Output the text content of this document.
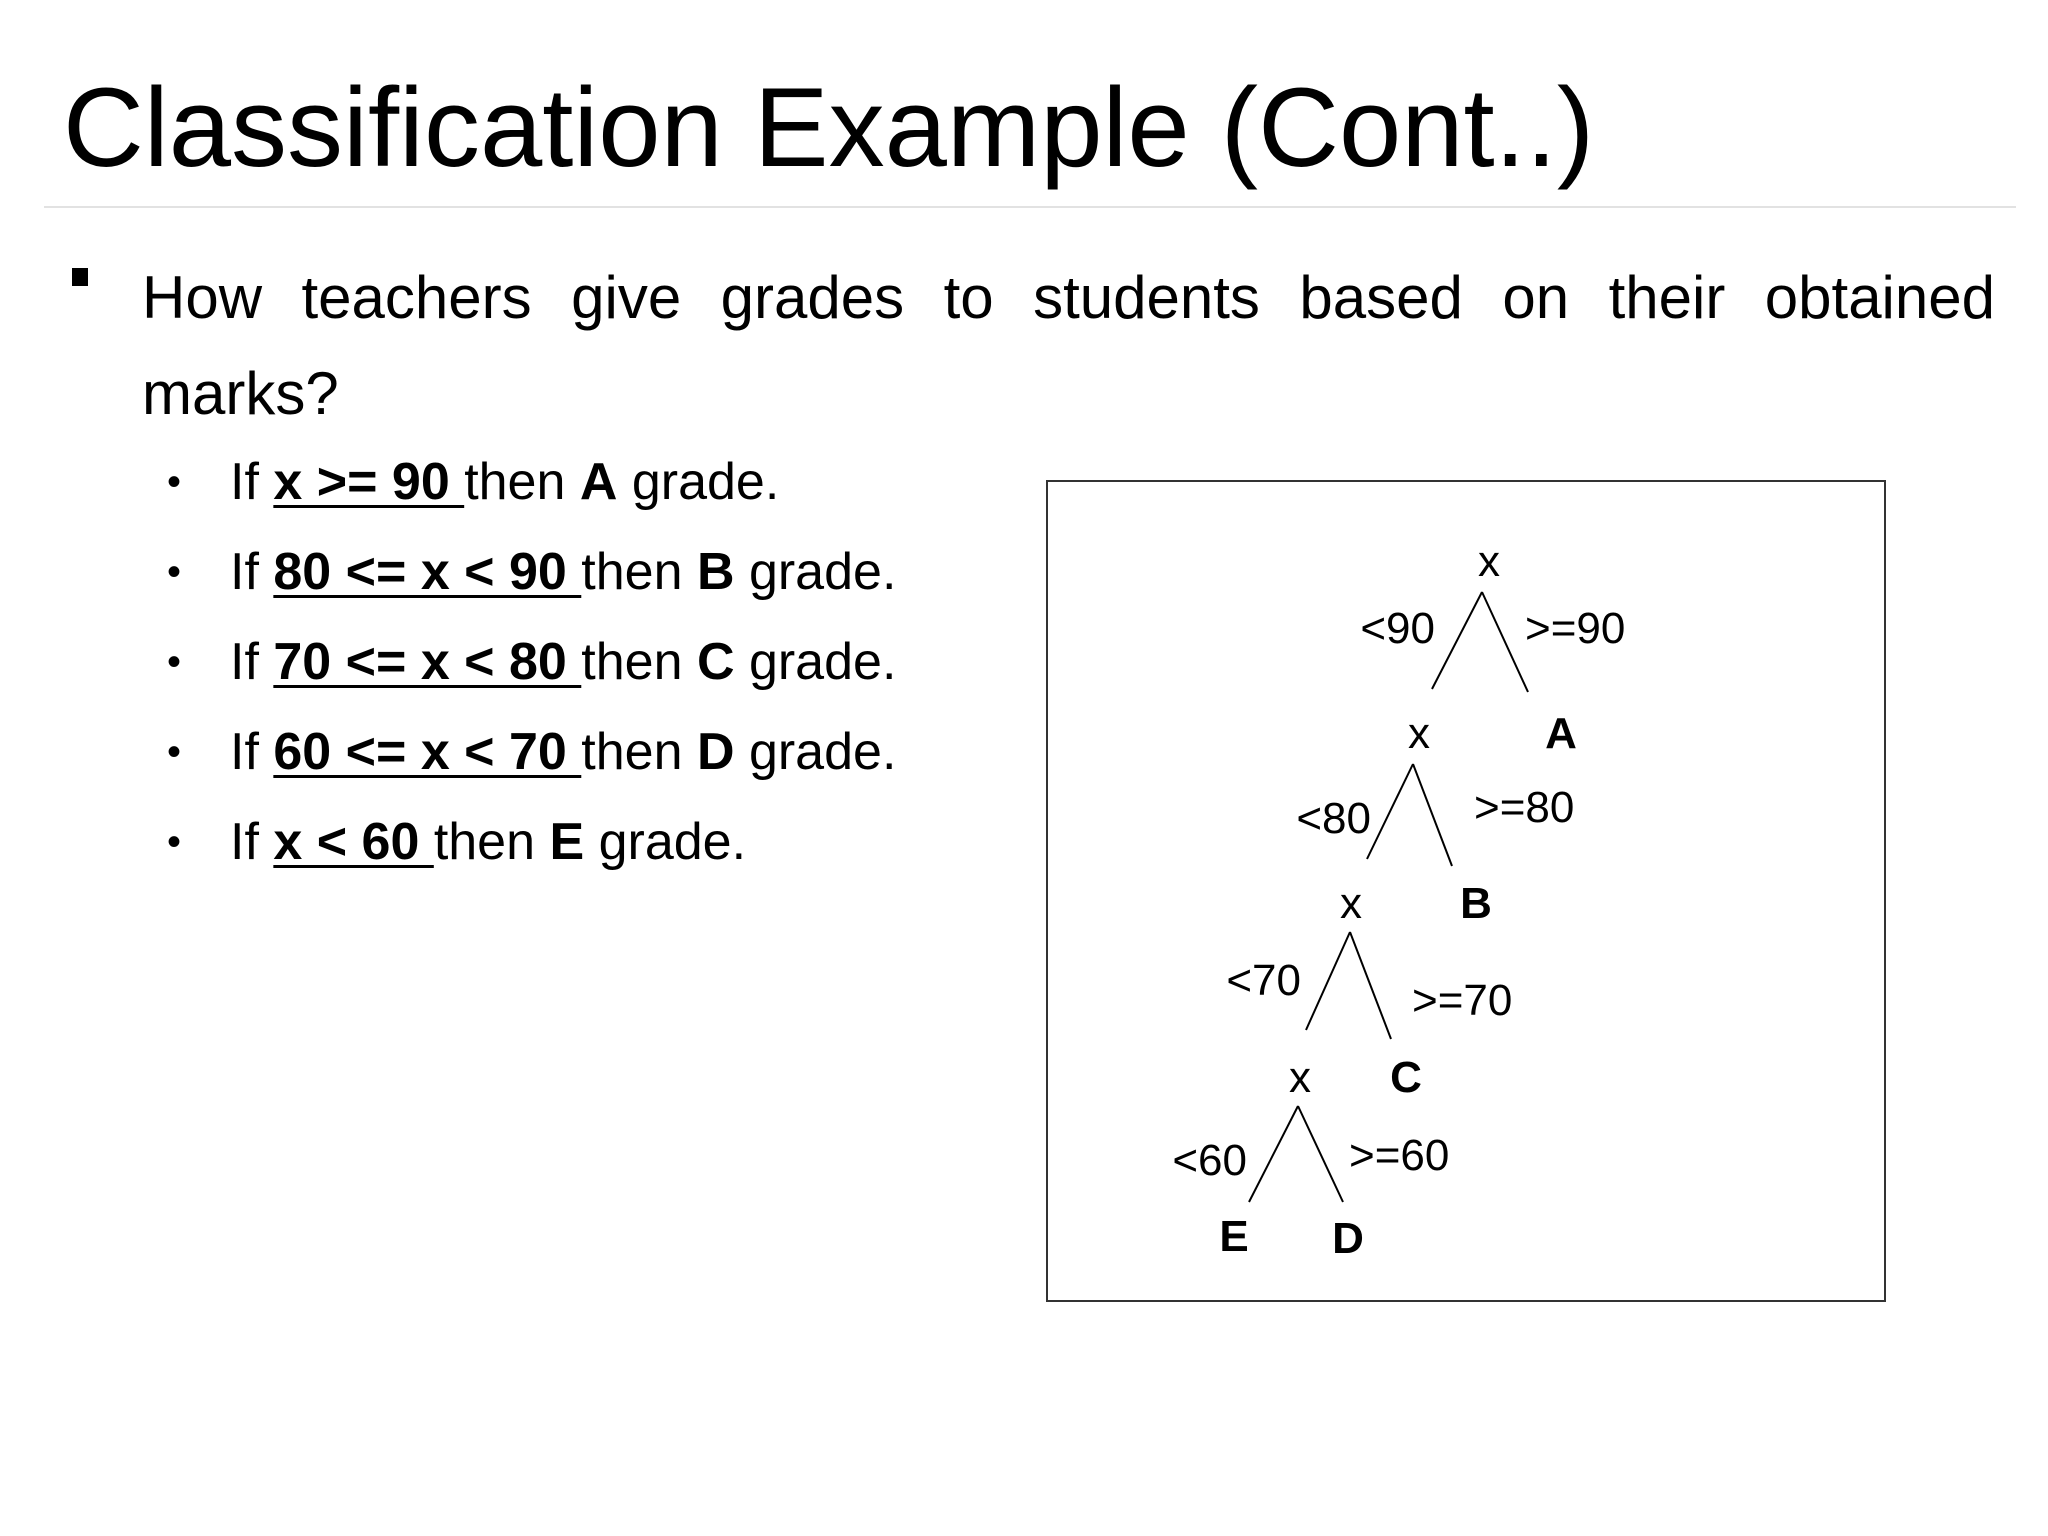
Classification Example (Cont..)
How teachers give grades to students based on their obtained marks?
• If x >= 90 then A grade.
• If 80 <= x < 90 then B grade.
• If 70 <= x < 80 then C grade.
• If 60 <= x < 70 then D grade.
• If x < 60 then E grade.
x
<90 >=90
A
x
<80 >=80
B
x
<70	>=70
C
x
<60 >=60
E D
